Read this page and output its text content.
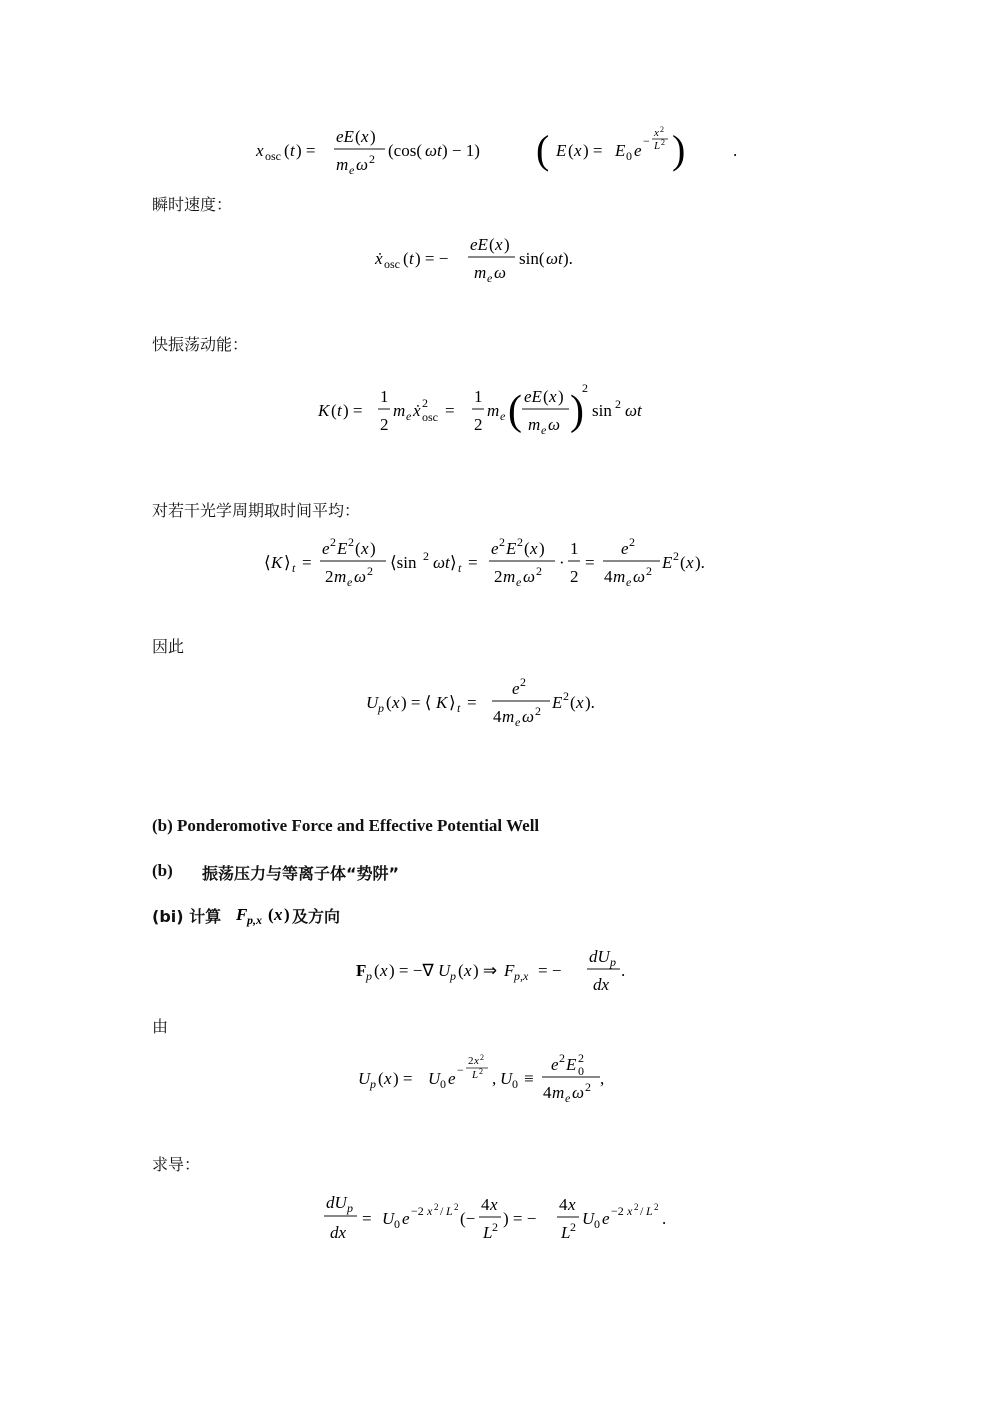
x osc ( t ) =
eE ( x )
m e ω 2 (cos( ωt ) − 1) ( E ( x ) = E 0 e −
x 2
L 2 )	.
瞬时速度：
ẋ osc ( t ) = −
eE ( x )
m e ω
sin( ωt ).
快振荡动能：
K ( t ) =
1
2
m e ẋ 2
osc =
1
2
m e ( eE ( x )
m e ω )
2
sin 2 ωt
对若干光学周期取时间平均：
⟨ K ⟩ t =
e 2 E 2 ( x )
2 m e ω 2 ⟨sin 2 ωt ⟩ t =
e 2 E 2 ( x )
2 m e ω 2 ·
1
2
=
e 2
4 m e ω 2 E 2 ( x ).
因此
U p ( x ) = ⟨ K ⟩ t =
e 2
4 m e ω 2 E 2 ( x ).
(b) Ponderomotive Force and Effective Potential Well
(b) 振荡压力与等离子体“势阱”
(bi) 计算 F p,x ( x ) 及方向
F p ( x ) = −∇ U p ( x ) ⇒ F p,x = −
dU p
dx
.
由
U p ( x ) = U 0 e −
2 x 2
L 2 , U 0 ≡
e 2 E 2
0
4 m e ω 2 ,
求导：
dU p
dx
= U 0 e −2 x 2 / L 2
(−
4 x
L 2 ) = −
4 x
L 2 U 0 e −2 x 2 / L 2
.
